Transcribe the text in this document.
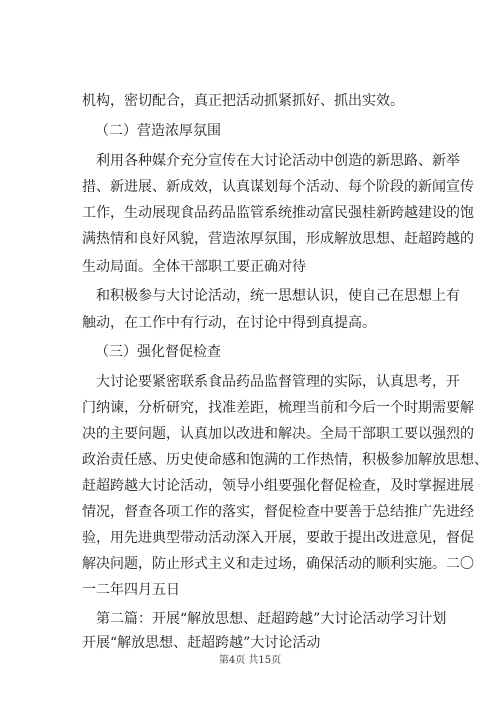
机构，密切配合，真正把活动抓紧抓好、抓出实效。
（二）营造浓厚氛围
利用各种媒介充分宣传在大讨论活动中创造的新思路、新举
措、新进展、新成效，认真谋划每个活动、每个阶段的新闻宣传
工作，生动展现食品药品监管系统推动富民强桂新跨越建设的饱
满热情和良好风貌，营造浓厚氛围，形成解放思想、赶超跨越的
生动局面。全体干部职工要正确对待
和积极参与大讨论活动，统一思想认识，使自己在思想上有
触动，在工作中有行动，在讨论中得到真提高。
（三）强化督促检查
大讨论要紧密联系食品药品监督管理的实际，认真思考，开
门纳谏，分析研究，找准差距，梳理当前和今后一个时期需要解
决的主要问题，认真加以改进和解决。全局干部职工要以强烈的
政治责任感、历史使命感和饱满的工作热情，积极参加解放思想、
赶超跨越大讨论活动，领导小组要强化督促检查，及时掌握进展
情况，督查各项工作的落实，督促检查中要善于总结推广先进经
验，用先进典型带动活动深入开展，要敢于提出改进意见，督促
解决问题，防止形式主义和走过场，确保活动的顺利实施。二〇
一二年四月五日
第二篇：开展“解放思想、赶超跨越”大讨论活动学习计划
开展“解放思想、赶超跨越”大讨论活动
第4页 共15页
